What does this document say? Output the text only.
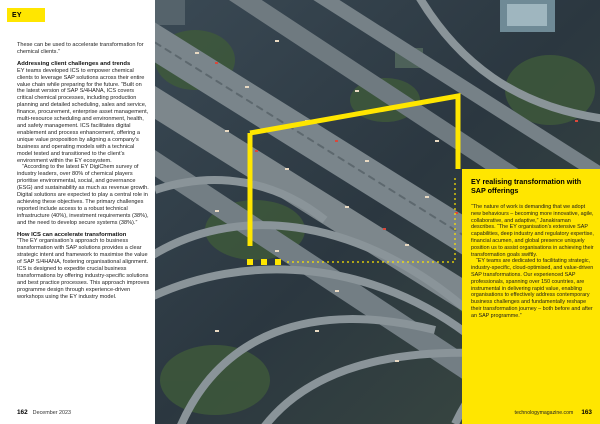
EY

These can be used to accelerate transformation for chemical clients.”

Addressing client challenges and trends

EY teams developed ICS to empower chemical clients to leverage SAP solutions across their entire value chain while preparing for the future. “Built on the latest version of SAP S/4HANA, ICS covers critical chemical processes, including production planning and detailed scheduling, sales and service, finance, procurement, enterprise asset management, multi-resource scheduling and environment, health, and safety management. ICS facilitates digital enablement and process enhancement, offering a unique value proposition by aligning a company’s business and operating models with a technical model tested and transitioned to the client’s environment within the EY ecosystem.

“According to the latest EY DigiChem survey of industry leaders, over 80% of chemical players prioritise environmental, social, and governance (ESG) and sustainability as much as revenue growth. Digital solutions are expected to play a central role in achieving these objectives. The primary challenges reported include access to a robust technical infrastructure (40%), investment requirements (38%), and the need to develop secure systems (38%).”

How ICS can accelerate transformation

“The EY organisation’s approach to business transformation with SAP solutions provides a clear strategic intent and framework to maximise the value of SAP S/4HANA, fostering organisational alignment. ICS is designed to expedite crucial business transformations by offering industry-specific solutions and best practice processes. This approach improves programme design through experience-driven workshops using the EY industry model.

162 December 2023
EY realising transformation with SAP offerings

“The nature of work is demanding that we adopt new behaviours – becoming more innovative, agile, collaborative, and adaptive,” Janakiraman describes. “The EY organisation’s extensive SAP capabilities, deep industry and regulatory expertise, financial acumen, and global presence uniquely position us to assist organisations in achieving their transformation goals swiftly.

“EY teams are dedicated to facilitating strategic, industry-specific, cloud-optimised, and value-driven SAP transformations. Our experienced SAP professionals, spanning over 150 countries, are instrumental in delivering rapid value, enabling organisations to effectively address contemporary business challenges and fundamentally reshape their transformation journey – both before and after an SAP programme.”

technologymagazine.com 163
